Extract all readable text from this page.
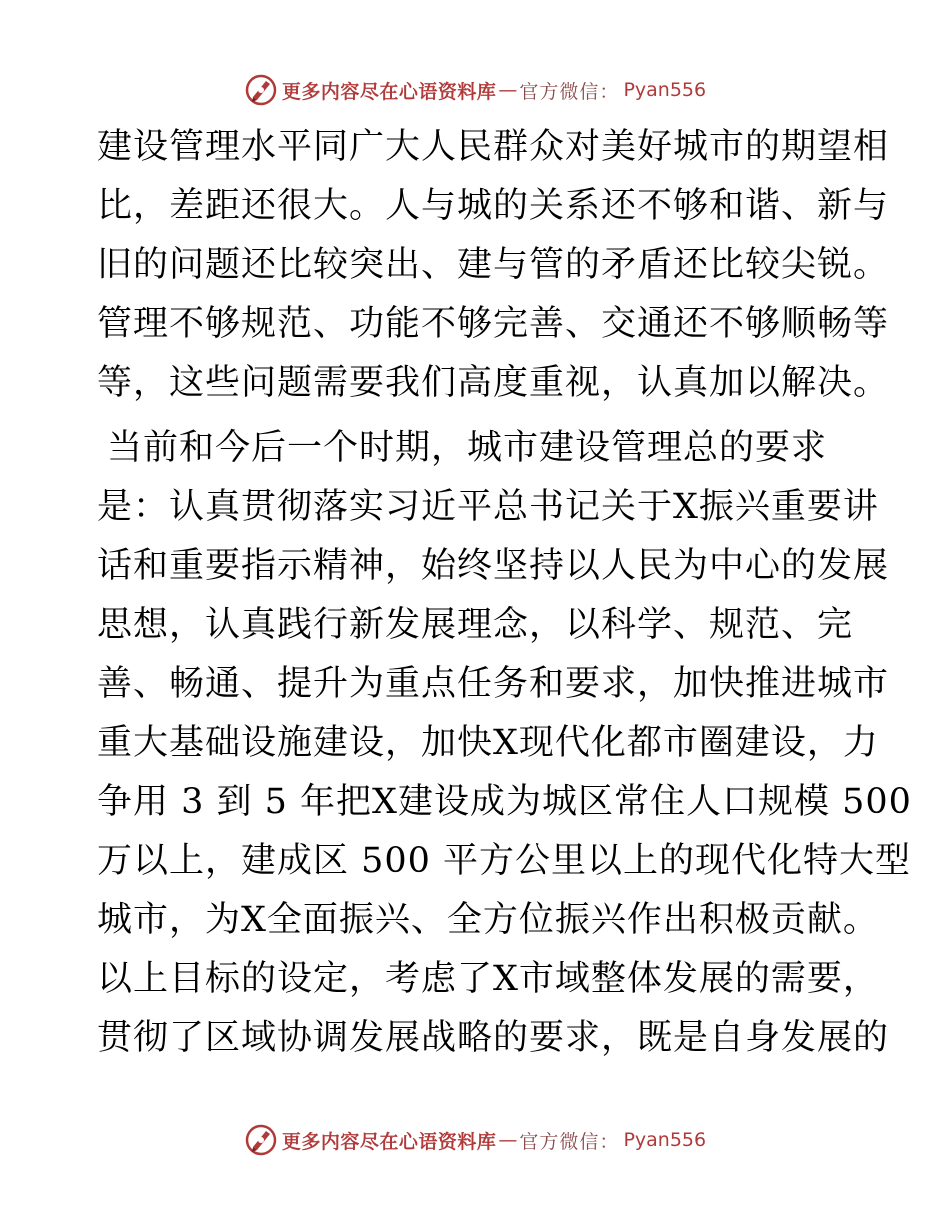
更多内容尽在心语资料库 — 官方微信： Pyan556
建设管理水平同广大人民群众对美好城市的期望相
比，差距还很大。人与城的关系还不够和谐、新与
旧的问题还比较突出、建与管的矛盾还比较尖锐。
管理不够规范、功能不够完善、交通还不够顺畅等
等，这些问题需要我们高度重视，认真加以解决。
当前和今后一个时期，城市建设管理总的要求
是：认真贯彻落实习近平总书记关于X振兴重要讲
话和重要指示精神，始终坚持以人民为中心的发展
思想，认真践行新发展理念，以科学、规范、完
善、畅通、提升为重点任务和要求，加快推进城市
重大基础设施建设，加快X现代化都市圈建设，力
争用 3 到 5 年把X建设成为城区常住人口规模 500
万以上，建成区 500 平方公里以上的现代化特大型
城市，为X全面振兴、全方位振兴作出积极贡献。
以上目标的设定，考虑了X市域整体发展的需要，
贯彻了区域协调发展战略的要求，既是自身发展的
更多内容尽在心语资料库 — 官方微信： Pyan556
